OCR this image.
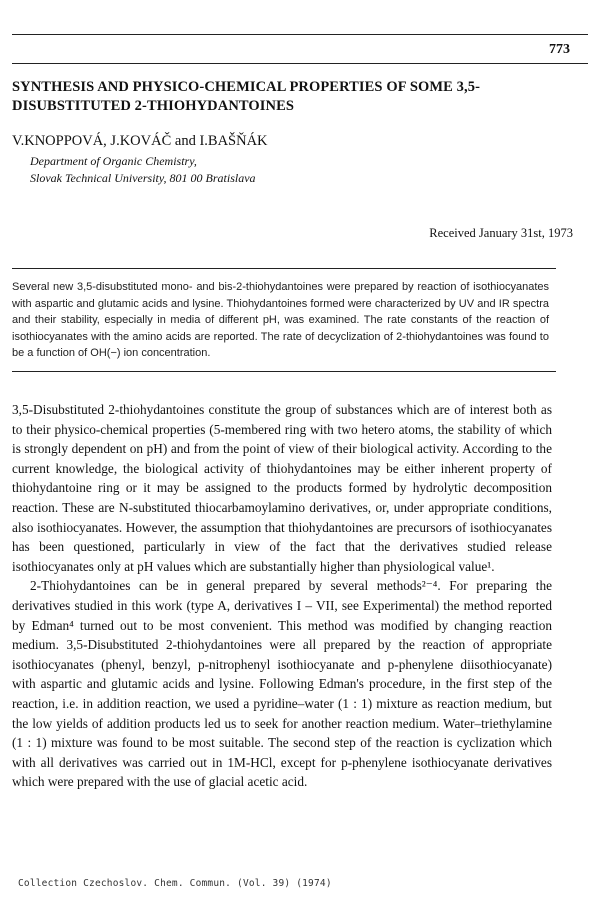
773
SYNTHESIS AND PHYSICO-CHEMICAL PROPERTIES OF SOME 3,5-DISUBSTITUTED 2-THIOHYDANTOINES
V.KNOPPOVÁ, J.KOVÁČ and I.BAŠŇÁK
Department of Organic Chemistry,
Slovak Technical University, 801 00 Bratislava
Received January 31st, 1973
Several new 3,5-disubstituted mono- and bis-2-thiohydantoines were prepared by reaction of isothiocyanates with aspartic and glutamic acids and lysine. Thiohydantoines formed were characterized by UV and IR spectra and their stability, especially in media of different pH, was examined. The rate constants of the reaction of isothiocyanates with the amino acids are reported. The rate of decyclization of 2-thiohydantoines was found to be a function of OH(−) ion concentration.

3,5-Disubstituted 2-thiohydantoines constitute the group of substances which are of interest both as to their physico-chemical properties (5-membered ring with two hetero atoms, the stability of which is strongly dependent on pH) and from the point of view of their biological activity. According to the current knowledge, the biological activity of thiohydantoines may be either inherent property of thiohydantoine ring or it may be assigned to the products formed by hydrolytic decomposition reaction. These are N-substituted thiocarbamoylamino derivatives, or, under appropriate conditions, also isothiocyanates. However, the assumption that thiohydantoines are precursors of isothiocyanates has been questioned, particularly in view of the fact that the derivatives studied release isothiocyanates only at pH values which are substantially higher than physiological value¹.

2-Thiohydantoines can be in general prepared by several methods²⁻⁴. For preparing the derivatives studied in this work (type A, derivatives I – VII, see Experimental) the method reported by Edman⁴ turned out to be most convenient. This method was modified by changing reaction medium. 3,5-Disubstituted 2-thiohydantoines were all prepared by the reaction of appropriate isothiocyanates (phenyl, benzyl, p-nitrophenyl isothiocyanate and p-phenylene diisothiocyanate) with aspartic and glutamic acids and lysine. Following Edman's procedure, in the first step of the reaction, i.e. in addition reaction, we used a pyridine–water (1 : 1) mixture as reaction medium, but the low yields of addition products led us to seek for another reaction medium. Water–triethylamine (1 : 1) mixture was found to be most suitable. The second step of the reaction is cyclization which with all derivatives was carried out in 1M-HCl, except for p-phenylene isothiocyanate derivatives which were prepared with the use of glacial acetic acid.

Collection Czechoslov. Chem. Commun. (Vol. 39) (1974)
